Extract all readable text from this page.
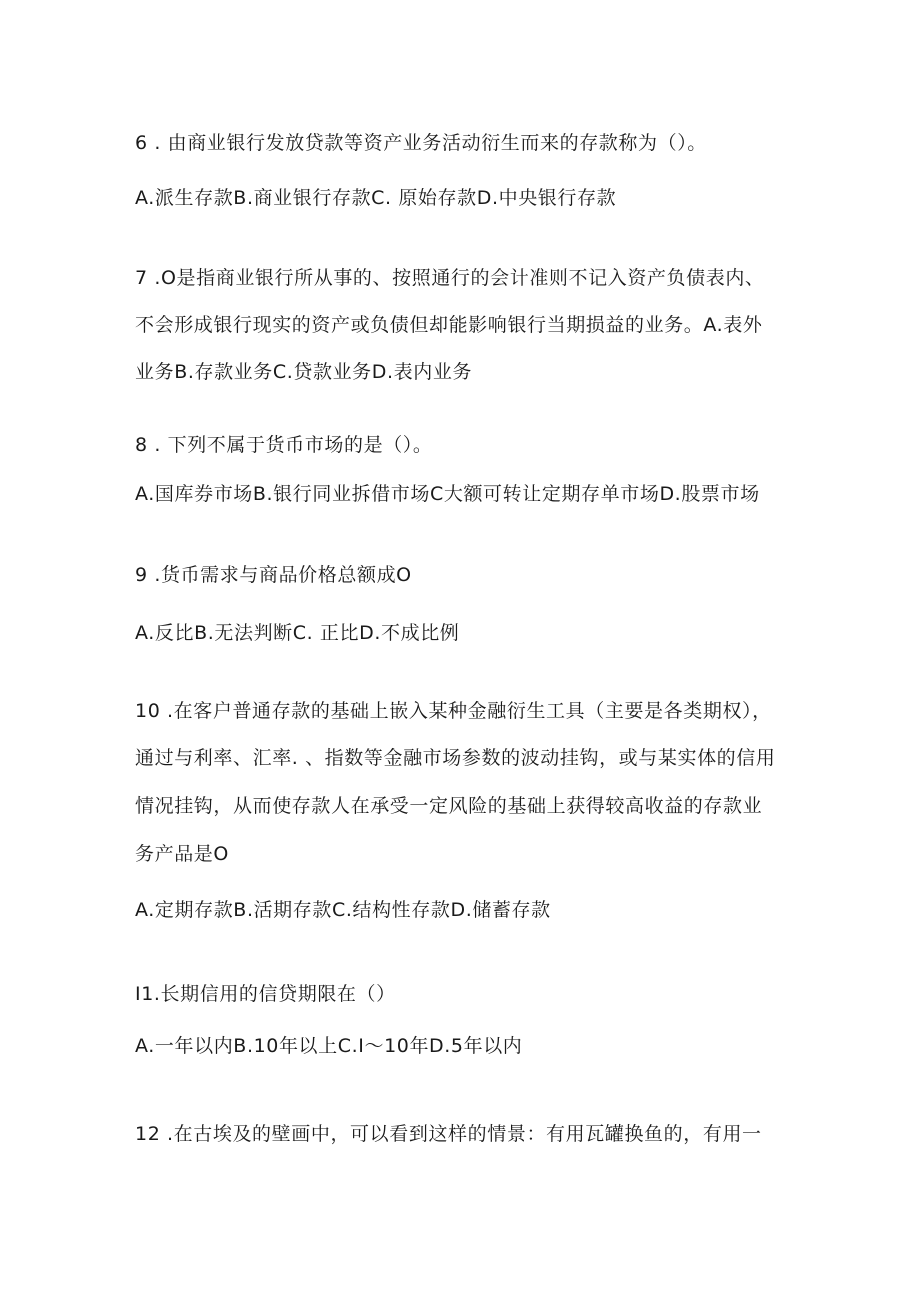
6 . 由商业银行发放贷款等资产业务活动衍生而来的存款称为（）。
A.派生存款B.商业银行存款C. 原始存款D.中央银行存款
7 .O是指商业银行所从事的、按照通行的会计准则不记入资产负债表内、
不会形成银行现实的资产或负债但却能影响银行当期损益的业务。A.表外
业务B.存款业务C.贷款业务D.表内业务
8 . 下列不属于货币市场的是（）。
A.国库券市场B.银行同业拆借市场C大额可转让定期存单市场D.股票市场
9 .货币需求与商品价格总额成O
A.反比B.无法判断C. 正比D.不成比例
10 .在客户普通存款的基础上嵌入某种金融衍生工具（主要是各类期权），
通过与利率、汇率. 、指数等金融市场参数的波动挂钩，或与某实体的信用
情况挂钩，从而使存款人在承受一定风险的基础上获得较高收益的存款业
务产品是O
A.定期存款B.活期存款C.结构性存款D.储蓄存款
I1.长期信用的信贷期限在（）
A.一年以内B.10年以上C.I～10年D.5年以内
12 .在古埃及的壁画中，可以看到这样的情景：有用瓦罐换鱼的，有用一
